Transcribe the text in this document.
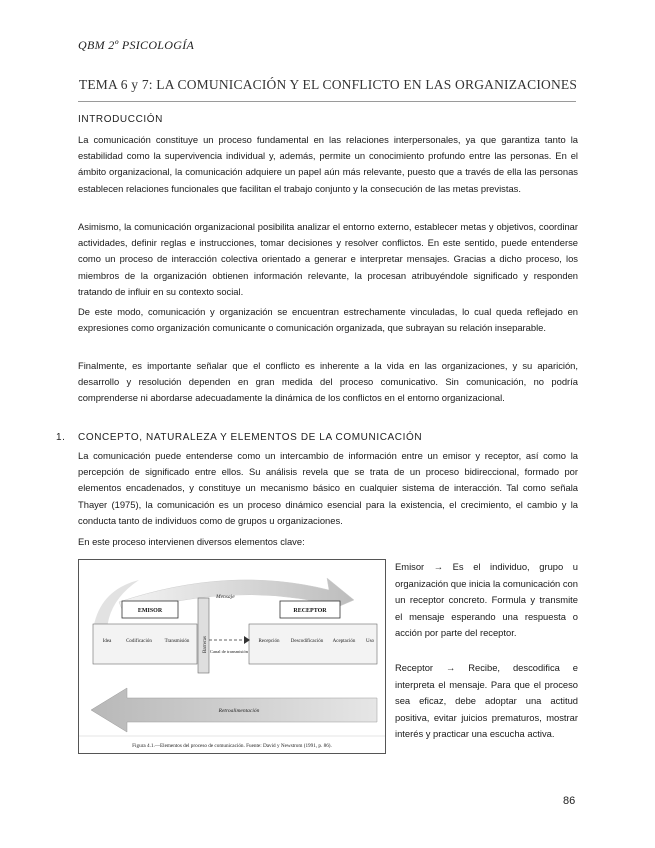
QBM 2º PSICOLOGÍA
TEMA 6 y 7: LA COMUNICACIÓN Y EL CONFLICTO EN LAS ORGANIZACIONES
INTRODUCCIÓN

La comunicación constituye un proceso fundamental en las relaciones interpersonales, ya que garantiza tanto la estabilidad como la supervivencia individual y, además, permite un conocimiento profundo entre las personas. En el ámbito organizacional, la comunicación adquiere un papel aún más relevante, puesto que a través de ella las personas establecen relaciones funcionales que facilitan el trabajo conjunto y la consecución de las metas previstas.

Asimismo, la comunicación organizacional posibilita analizar el entorno externo, establecer metas y objetivos, coordinar actividades, definir reglas e instrucciones, tomar decisiones y resolver conflictos. En este sentido, puede entenderse como un proceso de interacción colectiva orientado a generar e interpretar mensajes. Gracias a dicho proceso, los miembros de la organización obtienen información relevante, la procesan atribuyéndole significado y responden tratando de influir en su contexto social.

De este modo, comunicación y organización se encuentran estrechamente vinculadas, lo cual queda reflejado en expresiones como organización comunicante o comunicación organizada, que subrayan su relación inseparable.

Finalmente, es importante señalar que el conflicto es inherente a la vida en las organizaciones, y su aparición, desarrollo y resolución dependen en gran medida del proceso comunicativo. Sin comunicación, no podría comprenderse ni abordarse adecuadamente la dinámica de los conflictos en el entorno organizacional.

1. CONCEPTO, NATURALEZA Y ELEMENTOS DE LA COMUNICACIÓN

La comunicación puede entenderse como un intercambio de información entre un emisor y receptor, así como la percepción de significado entre ellos. Su análisis revela que se trata de un proceso bidireccional, formado por elementos encadenados, y constituye un mecanismo básico en cualquier sistema de interacción. Tal como señala Thayer (1975), la comunicación es un proceso dinámico esencial para la existencia, el crecimiento, el cambio y la conducta tanto de individuos como de grupos u organizaciones.

En este proceso intervienen diversos elementos clave:

Mensaje
EMISOR	RECEPTOR
Barreras Canal de transmisión
Idea	Codificación	Transmisión	Recepción Descodificación Aceptación Uso
Retroalimentación
Figura 4.1.—Elementos del proceso de comunicación. Fuente: David y Newstrom (1991, p. 86).

Emisor → Es el individuo, grupo u organización que inicia la comunicación con un receptor concreto. Formula y transmite el mensaje esperando una respuesta o acción por parte del receptor.

Receptor → Recibe, descodifica e interpreta el mensaje. Para que el proceso sea eficaz, debe adoptar una actitud positiva, evitar juicios prematuros, mostrar interés y practicar una escucha activa.

86
